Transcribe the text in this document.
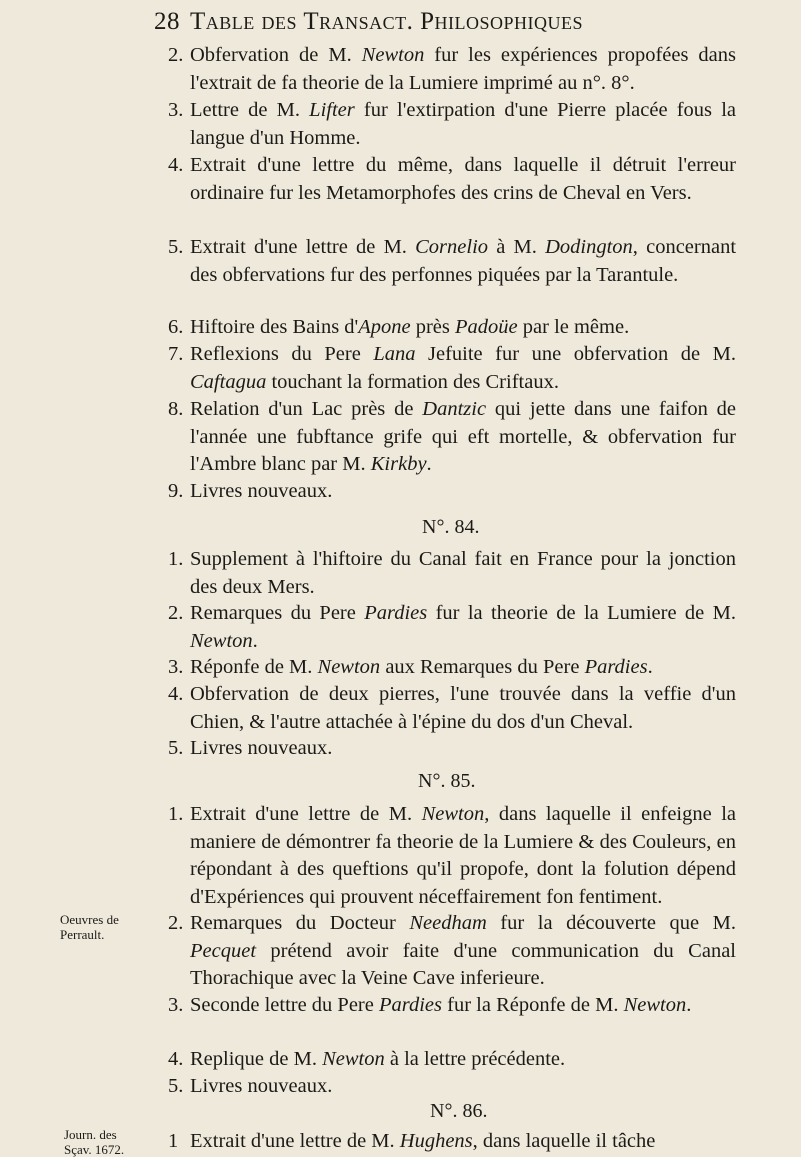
28 Table des Transact. Philosophiques
2. Obfervation de M. Newton fur les expériences propofées dans l'extrait de fa theorie de la Lumiere imprimé au n°. 8°.
3. Lettre de M. Lifter fur l'extirpation d'une Pierre placée fous la langue d'un Homme.
4. Extrait d'une lettre du même, dans laquelle il détruit l'erreur ordinaire fur les Metamorphofes des crins de Cheval en Vers.
5. Extrait d'une lettre de M. Cornelio à M. Dodington, concernant des obfervations fur des perfonnes piquées par la Tarantule.
6. Hiftoire des Bains d'Apone près Padoüe par le même.
7. Reflexions du Pere Lana Jefuite fur une obfervation de M. Caftagua touchant la formation des Criftaux.
8. Relation d'un Lac près de Dantzic qui jette dans une faifon de l'année une fubftance grife qui eft mortelle, & obfervation fur l'Ambre blanc par M. Kirkby.
9. Livres nouveaux.
N°. 84.
1. Supplement à l'hiftoire du Canal fait en France pour la jonction des deux Mers.
2. Remarques du Pere Pardies fur la theorie de la Lumiere de M. Newton.
3. Réponfe de M. Newton aux Remarques du Pere Pardies.
4. Obfervation de deux pierres, l'une trouvée dans la veffie d'un Chien, & l'autre attachée à l'épine du dos d'un Cheval.
5. Livres nouveaux.
N°. 85.
1. Extrait d'une lettre de M. Newton, dans laquelle il enfeigne la maniere de démontrer fa theorie de la Lumiere & des Couleurs, en répondant à des queftions qu'il propofe, dont la folution dépend d'Expériences qui prouvent néceffairement fon fentiment.
2. Remarques du Docteur Needham fur la découverte que M. Pecquet prétend avoir faite d'une communication du Canal Thorachique avec la Veine Cave inferieure.
3. Seconde lettre du Pere Pardies fur la Réponfe de M. Newton.
4. Replique de M. Newton à la lettre précédente.
5. Livres nouveaux.
N°. 86.
1 Extrait d'une lettre de M. Hughens, dans laquelle il tâche
Oeuvres de
Perrault.
Journ. des
Sçav. 1672.
